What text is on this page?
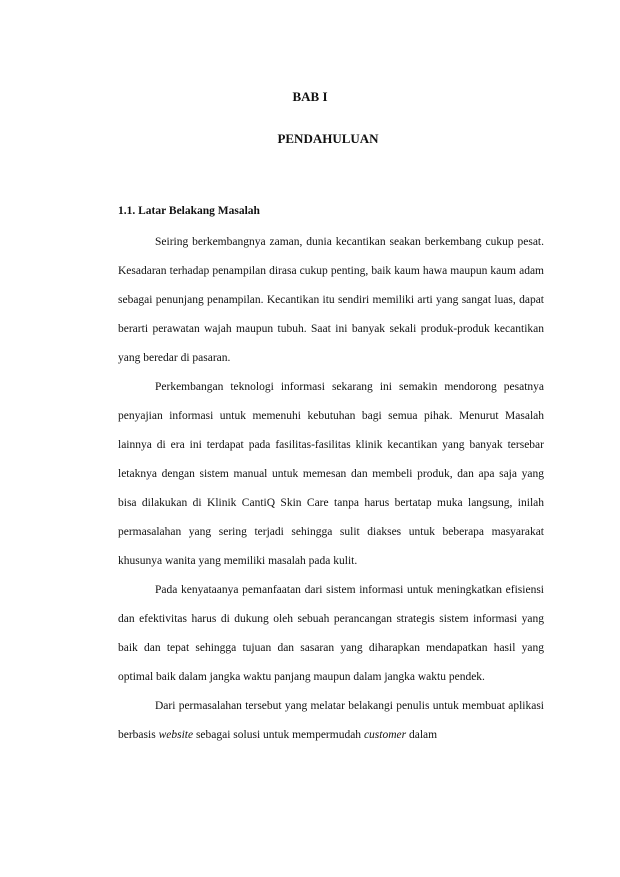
BAB I
PENDAHULUAN
1.1. Latar Belakang Masalah

Seiring berkembangnya zaman, dunia kecantikan seakan berkembang cukup pesat. Kesadaran terhadap penampilan dirasa cukup penting, baik kaum hawa maupun kaum adam sebagai penunjang penampilan. Kecantikan itu sendiri memiliki arti yang sangat luas, dapat berarti perawatan wajah maupun tubuh. Saat ini banyak sekali produk-produk kecantikan yang beredar di pasaran.

Perkembangan teknologi informasi sekarang ini semakin mendorong pesatnya penyajian informasi untuk memenuhi kebutuhan bagi semua pihak. Menurut Masalah lainnya di era ini terdapat pada fasilitas-fasilitas klinik kecantikan yang banyak tersebar letaknya dengan sistem manual untuk memesan dan membeli produk, dan apa saja yang bisa dilakukan di Klinik CantiQ Skin Care tanpa harus bertatap muka langsung, inilah permasalahan yang sering terjadi sehingga sulit diakses untuk beberapa masyarakat khusunya wanita yang memiliki masalah pada kulit.

Pada kenyataanya pemanfaatan dari sistem informasi untuk meningkatkan efisiensi dan efektivitas harus di dukung oleh sebuah perancangan strategis sistem informasi yang baik dan tepat sehingga tujuan dan sasaran yang diharapkan mendapatkan hasil yang optimal baik dalam jangka waktu panjang maupun dalam jangka waktu pendek.

Dari permasalahan tersebut yang melatar belakangi penulis untuk membuat aplikasi berbasis website sebagai solusi untuk mempermudah customer dalam
